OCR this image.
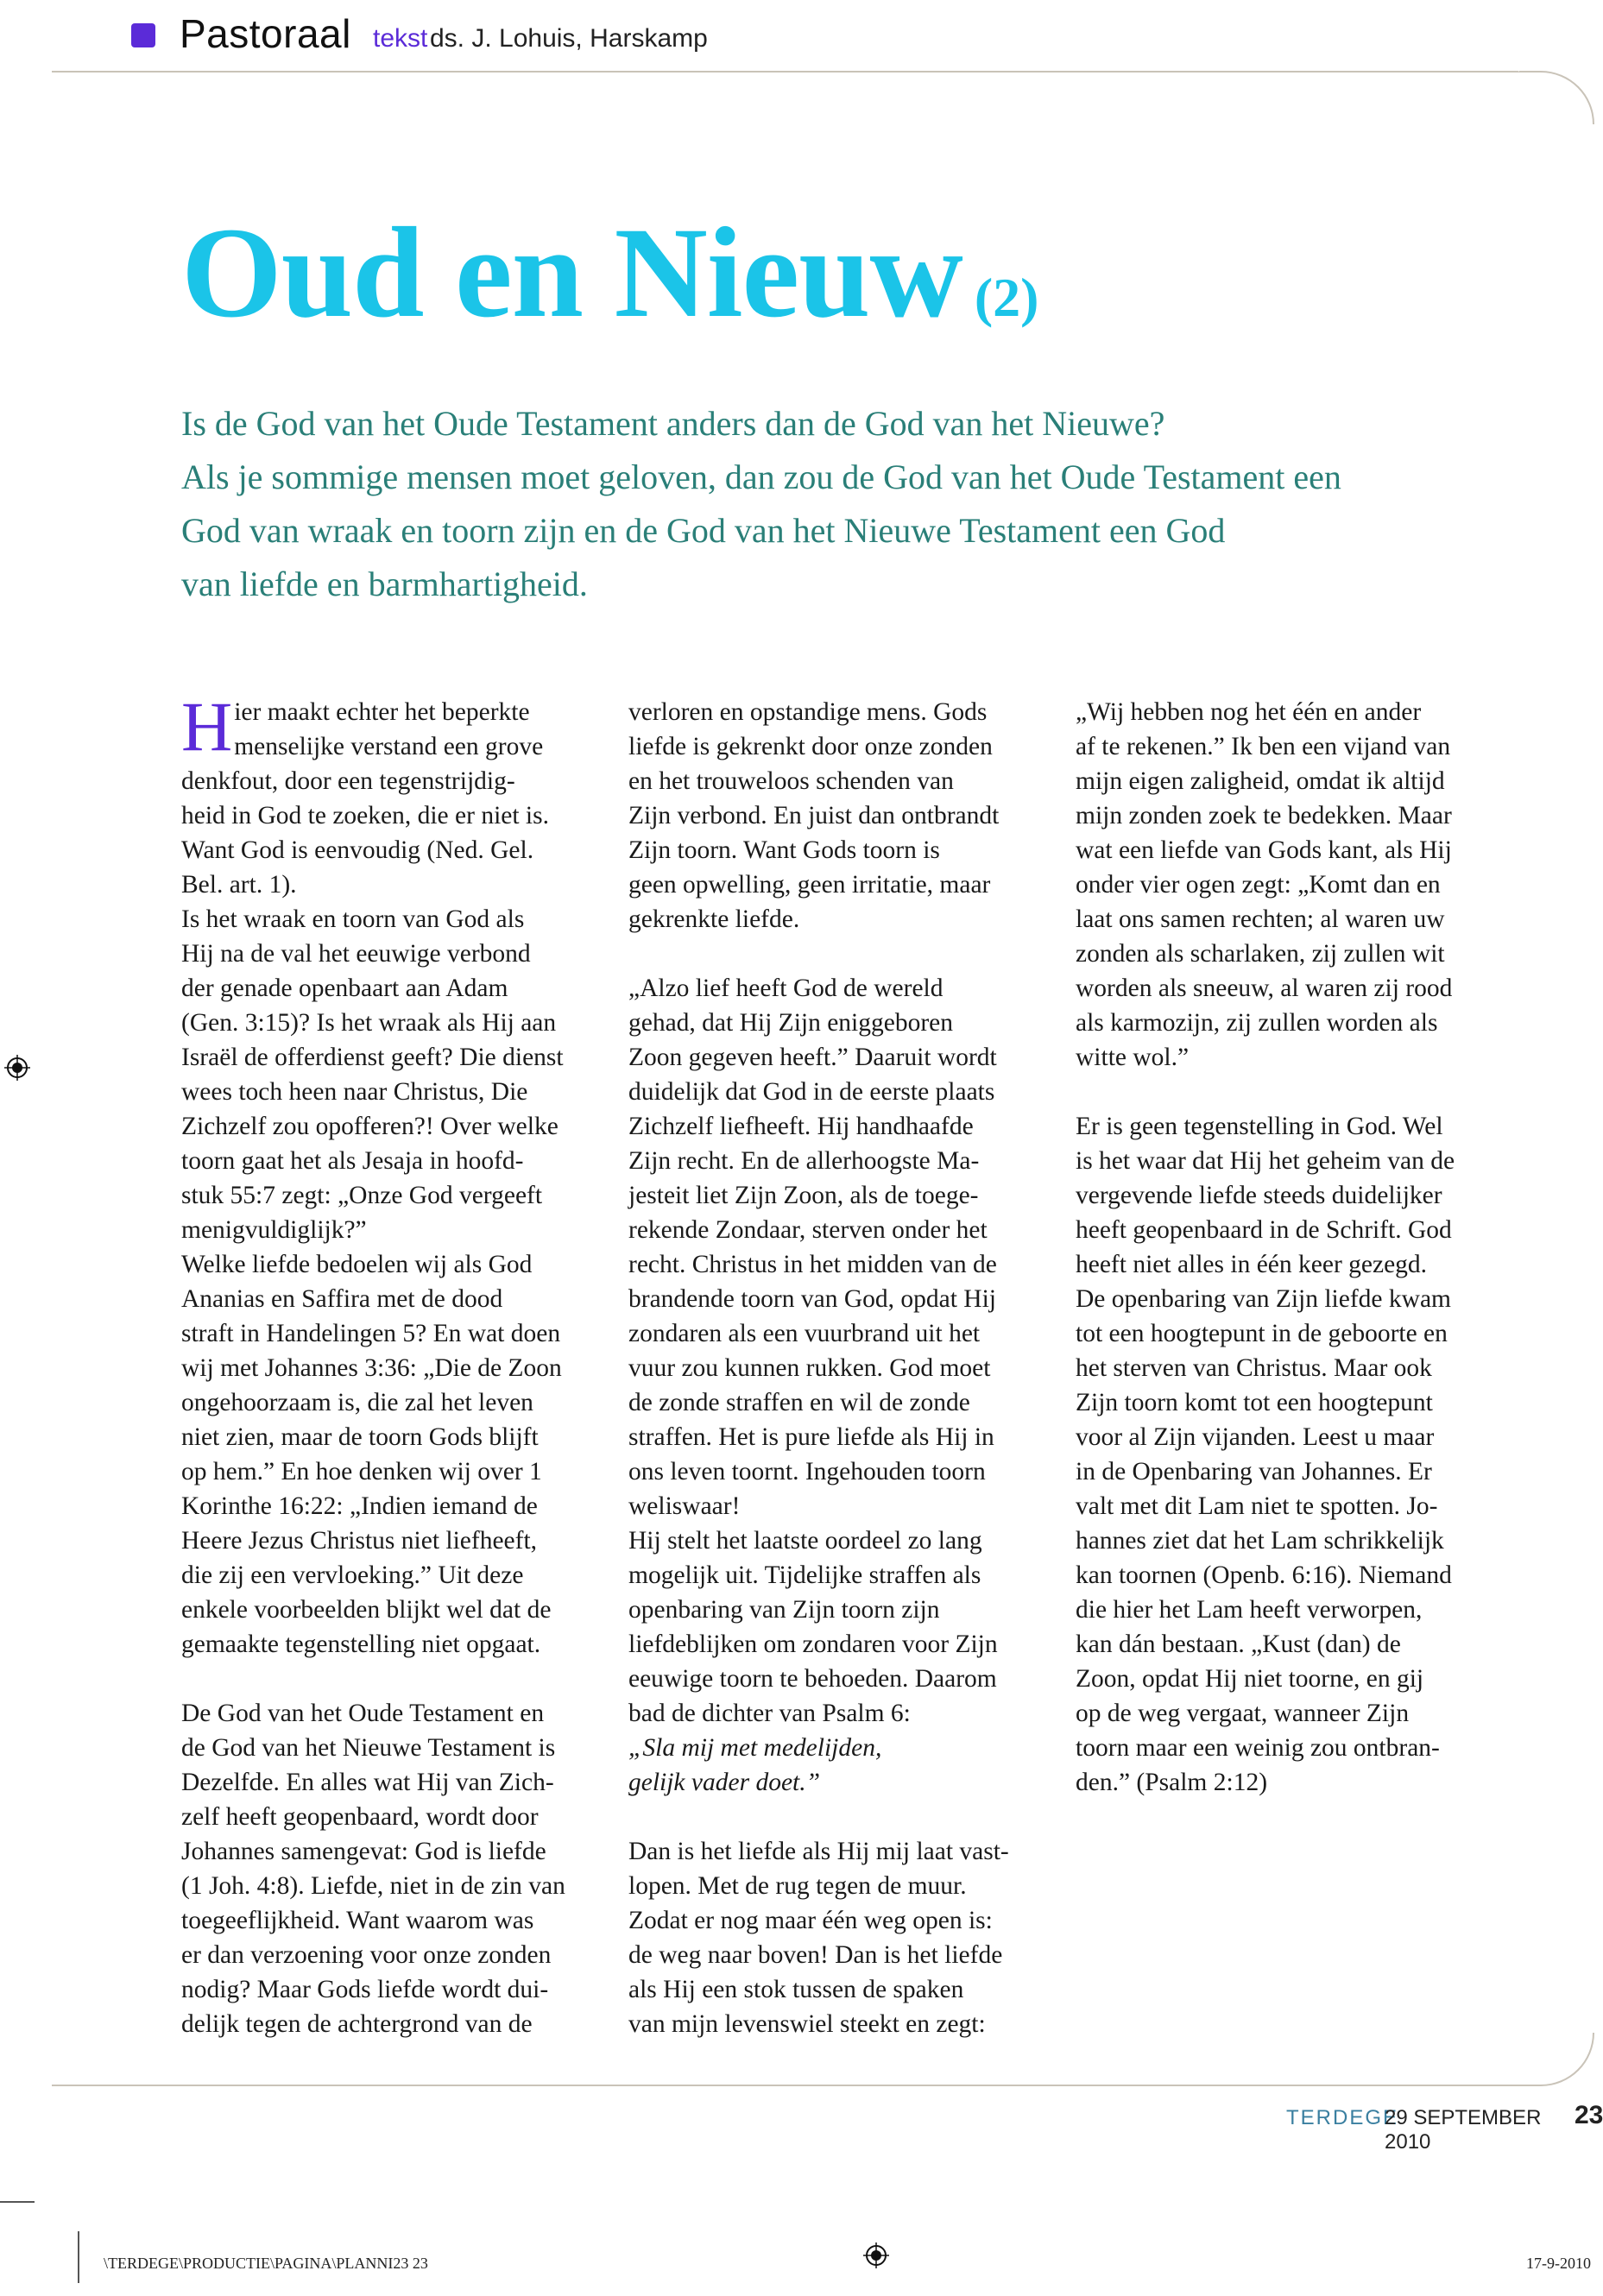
Pastoraal tekst ds. J. Lohuis, Harskamp
Oud en Nieuw (2)

Is de God van het Oude Testament anders dan de God van het Nieuwe?

Als je sommige mensen moet geloven, dan zou de God van het Oude Testament een

God van wraak en toorn zijn en de God van het Nieuwe Testament een God

van liefde en barmhartigheid.

H ier maakt echter het beperkte

menselijke verstand een grove

denkfout, door een tegenstrijdig-

heid in God te zoeken, die er niet is.

Want God is eenvoudig (Ned. Gel.

Bel. art. 1).

Is het wraak en toorn van God als

Hij na de val het eeuwige verbond

der genade openbaart aan Adam

(Gen. 3:15)? Is het wraak als Hij aan

Israël de offerdienst geeft? Die dienst

wees toch heen naar Christus, Die

Zichzelf zou opofferen?! Over welke

toorn gaat het als Jesaja in hoofd-

stuk 55:7 zegt: „Onze God vergeeft

menigvuldiglijk?”

Welke liefde bedoelen wij als God

Ananias en Saffira met de dood

straft in Handelingen 5? En wat doen

wij met Johannes 3:36: „Die de Zoon

ongehoorzaam is, die zal het leven

niet zien, maar de toorn Gods blijft

op hem.” En hoe denken wij over 1

Korinthe 16:22: „Indien iemand de

Heere Jezus Christus niet liefheeft,

die zij een vervloeking.” Uit deze

enkele voorbeelden blijkt wel dat de

gemaakte tegenstelling niet opgaat.

De God van het Oude Testament en

de God van het Nieuwe Testament is

Dezelfde. En alles wat Hij van Zich-

zelf heeft geopenbaard, wordt door

Johannes samengevat: God is liefde

(1 Joh. 4:8). Liefde, niet in de zin van

toegeeflijkheid. Want waarom was

er dan verzoening voor onze zonden

nodig? Maar Gods liefde wordt dui-

delijk tegen de achtergrond van de

verloren en opstandige mens. Gods

liefde is gekrenkt door onze zonden

en het trouweloos schenden van

Zijn verbond. En juist dan ontbrandt

Zijn toorn. Want Gods toorn is

geen opwelling, geen irritatie, maar

gekrenkte liefde.

„Alzo lief heeft God de wereld

gehad, dat Hij Zijn eniggeboren

Zoon gegeven heeft.” Daaruit wordt

duidelijk dat God in de eerste plaats

Zichzelf liefheeft. Hij handhaafde

Zijn recht. En de allerhoogste Ma-

jesteit liet Zijn Zoon, als de toege-

rekende Zondaar, sterven onder het

recht. Christus in het midden van de

brandende toorn van God, opdat Hij

zondaren als een vuurbrand uit het

vuur zou kunnen rukken. God moet

de zonde straffen en wil de zonde

straffen. Het is pure liefde als Hij in

ons leven toornt. Ingehouden toorn

weliswaar!

Hij stelt het laatste oordeel zo lang

mogelijk uit. Tijdelijke straffen als

openbaring van Zijn toorn zijn

liefdeblijken om zondaren voor Zijn

eeuwige toorn te behoeden. Daarom

bad de dichter van Psalm 6:

„Sla mij met medelijden,

gelijk vader doet.”

Dan is het liefde als Hij mij laat vast-

lopen. Met de rug tegen de muur.

Zodat er nog maar één weg open is:

de weg naar boven! Dan is het liefde

als Hij een stok tussen de spaken

van mijn levenswiel steekt en zegt:

„Wij hebben nog het één en ander

af te rekenen.” Ik ben een vijand van

mijn eigen zaligheid, omdat ik altijd

mijn zonden zoek te bedekken. Maar

wat een liefde van Gods kant, als Hij

onder vier ogen zegt: „Komt dan en

laat ons samen rechten; al waren uw

zonden als scharlaken, zij zullen wit

worden als sneeuw, al waren zij rood

als karmozijn, zij zullen worden als

witte wol.”

Er is geen tegenstelling in God. Wel

is het waar dat Hij het geheim van de

vergevende liefde steeds duidelijker

heeft geopenbaard in de Schrift. God

heeft niet alles in één keer gezegd.

De openbaring van Zijn liefde kwam

tot een hoogtepunt in de geboorte en

het sterven van Christus. Maar ook

Zijn toorn komt tot een hoogtepunt

voor al Zijn vijanden. Leest u maar

in de Openbaring van Johannes. Er

valt met dit Lam niet te spotten. Jo-

hannes ziet dat het Lam schrikkelijk

kan toornen (Openb. 6:16). Niemand

die hier het Lam heeft verworpen,

kan dán bestaan. „Kust (dan) de

Zoon, opdat Hij niet toorne, en gij

op de weg vergaat, wanneer Zijn

toorn maar een weinig zou ontbran-

den.” (Psalm 2:12)

TERDEGE
29 SEPTEMBER 2010
23
\TERDEGE\PRODUCTIE\PAGINA\PLANNI23 23	17-9-2010
